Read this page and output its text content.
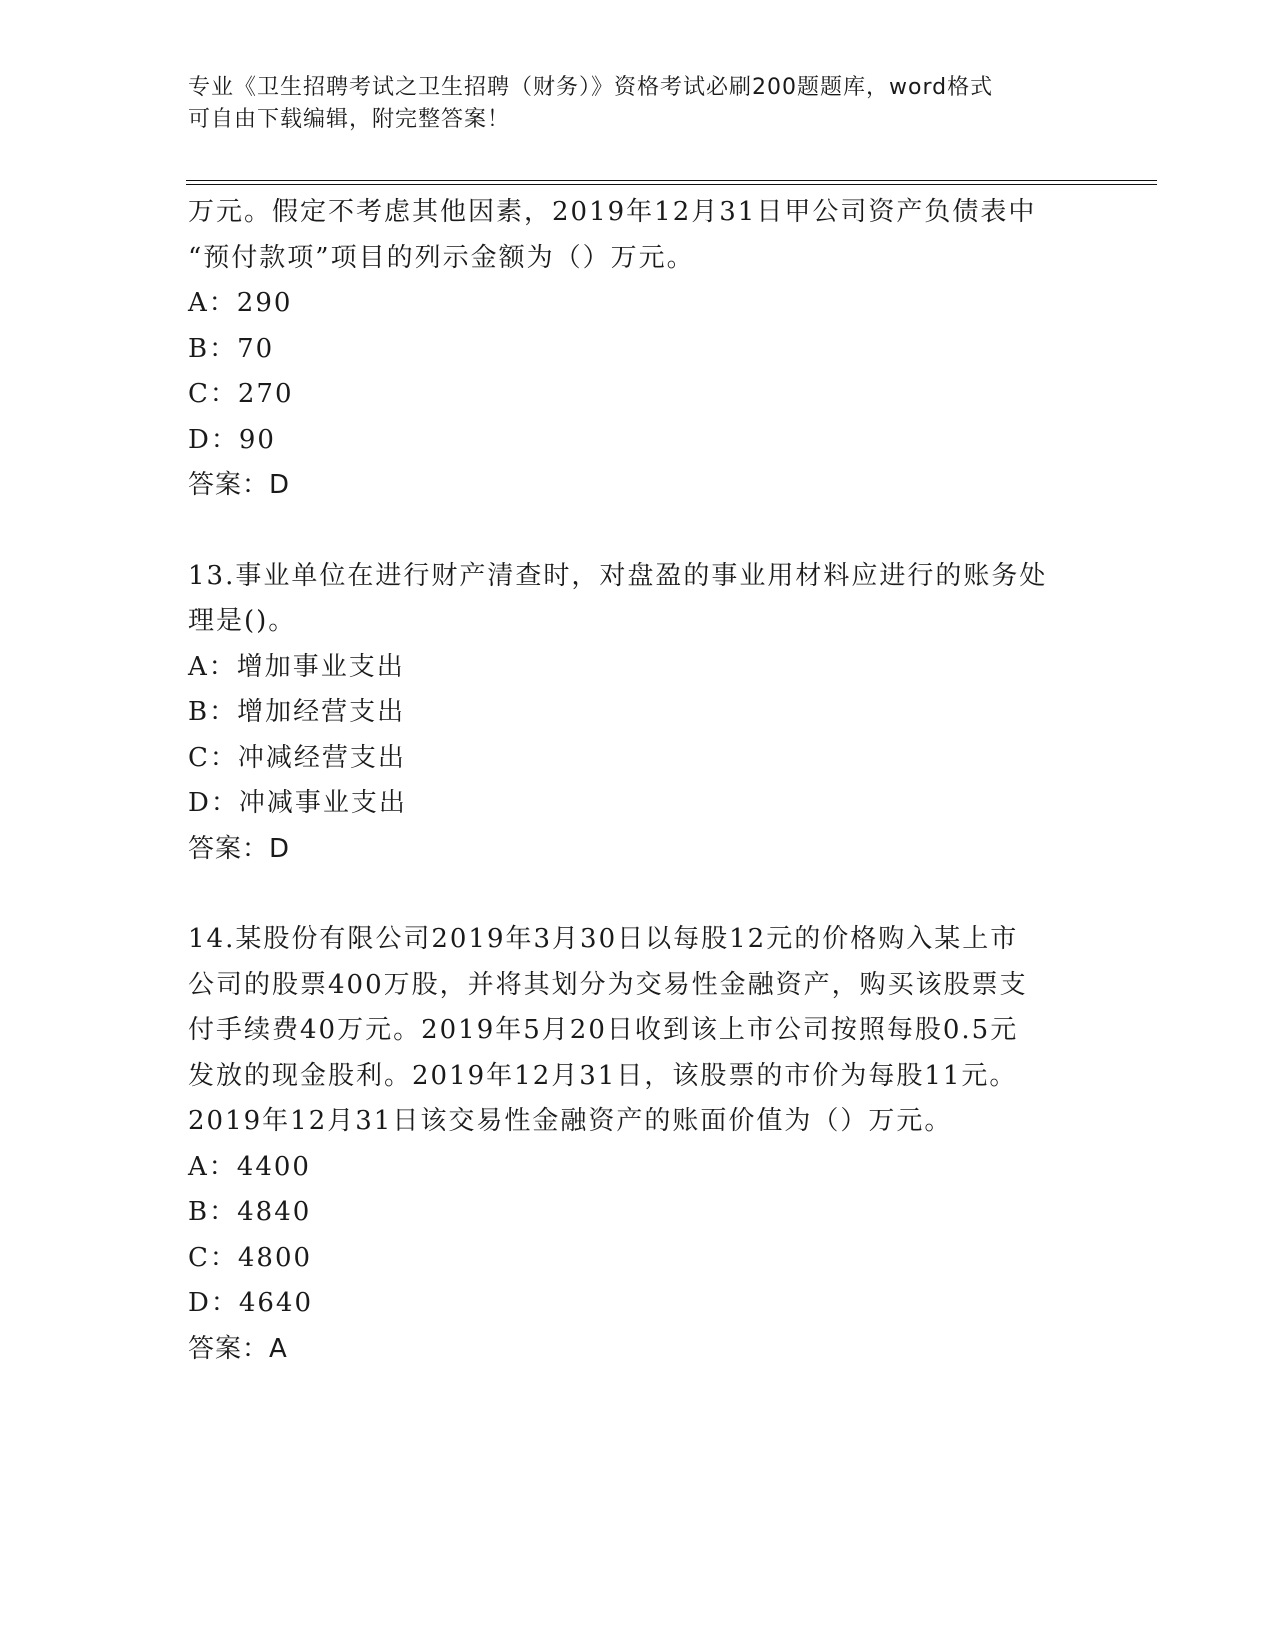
专业《卫生招聘考试之卫生招聘（财务）》资格考试必刷200题题库，word格式
可自由下载编辑，附完整答案！
万元。假定不考虑其他因素，2019年12月31日甲公司资产负债表中
“预付款项”项目的列示金额为（）万元。
A：290
B：70
C：270
D：90
答案：D
13.事业单位在进行财产清查时，对盘盈的事业用材料应进行的账务处
理是()。
A：增加事业支出
B：增加经营支出
C：冲减经营支出
D：冲减事业支出
答案：D
14.某股份有限公司2019年3月30日以每股12元的价格购入某上市
公司的股票400万股，并将其划分为交易性金融资产，购买该股票支
付手续费40万元。2019年5月20日收到该上市公司按照每股0.5元
发放的现金股利。2019年12月31日，该股票的市价为每股11元。
2019年12月31日该交易性金融资产的账面价值为（）万元。
A：4400
B：4840
C：4800
D：4640
答案：A
